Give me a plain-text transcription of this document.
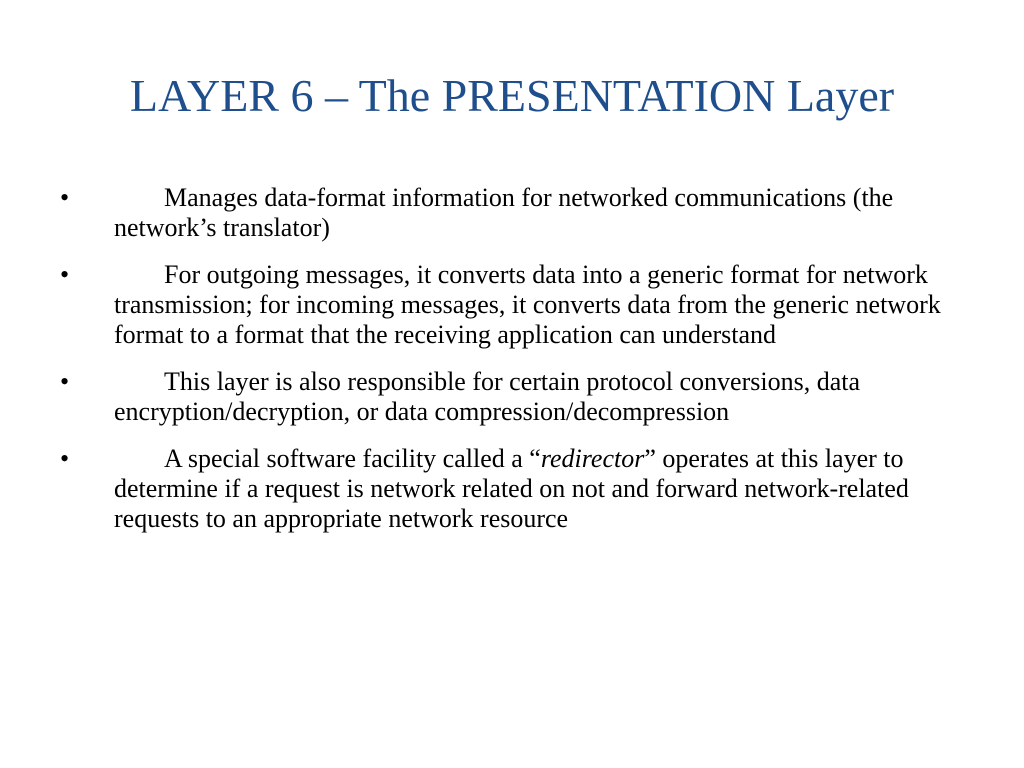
LAYER 6 – The PRESENTATION Layer
•	Manages data-format information for networked communications (the network’s translator)
•	For outgoing messages, it converts data into a generic format for network transmission; for incoming messages, it converts data from the generic network format to a format that the receiving application can understand
•	This layer is also responsible for certain protocol conversions, data encryption/decryption, or data compression/decompression
•	A special software facility called a “redirector” operates at this layer to determine if a request is network related on not and forward network-related requests to an appropriate network resource
